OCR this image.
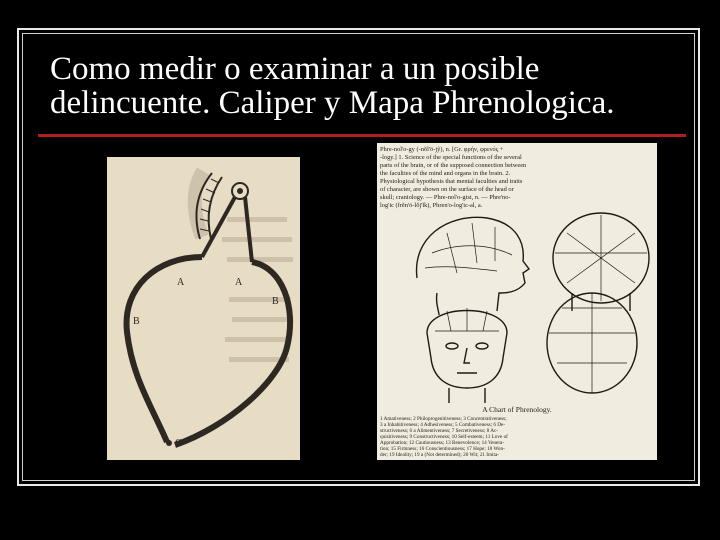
Como medir o examinar a un posible
delincuente. Caliper y Mapa Phrenologica.
A	A
B
B
C
Phre-nol'o-gy (-nŏl'ō-jỹ), n. [Gr. φρήν, φρενός +
-logy.] 1. Science of the special functions of the several
parts of the brain, or of the supposed connection between
the faculties of the mind and organs in the brain. 2.
Physiological hypothesis that mental faculties and traits
of character, are shown on the surface of the head or
skull; craniology. — Phre-nol'o-gist, n. — Phre'no-
log'ic (frĕn'ō-lŏj'ĭk), Phren'o-log'ic-al, a.
A Chart of Phrenology.
1 Amativeness; 2 Philoprogenitiveness; 3 Concentrativeness;
3 a Inhabitiveness; 4 Adhesiveness; 5 Combativeness; 6 De-
structiveness; 6 a Alimentiveness; 7 Secretiveness; 8 Ac-
quisitiveness; 9 Constructiveness; 10 Self-esteem; 11 Love of
Approbation; 12 Cautiousness; 13 Benevolence; 14 Venera-
tion; 15 Firmness; 16 Conscientiousness; 17 Hope; 18 Won-
der; 19 Ideality; 19 a (Not determined); 20 Wit; 21 Imita-
